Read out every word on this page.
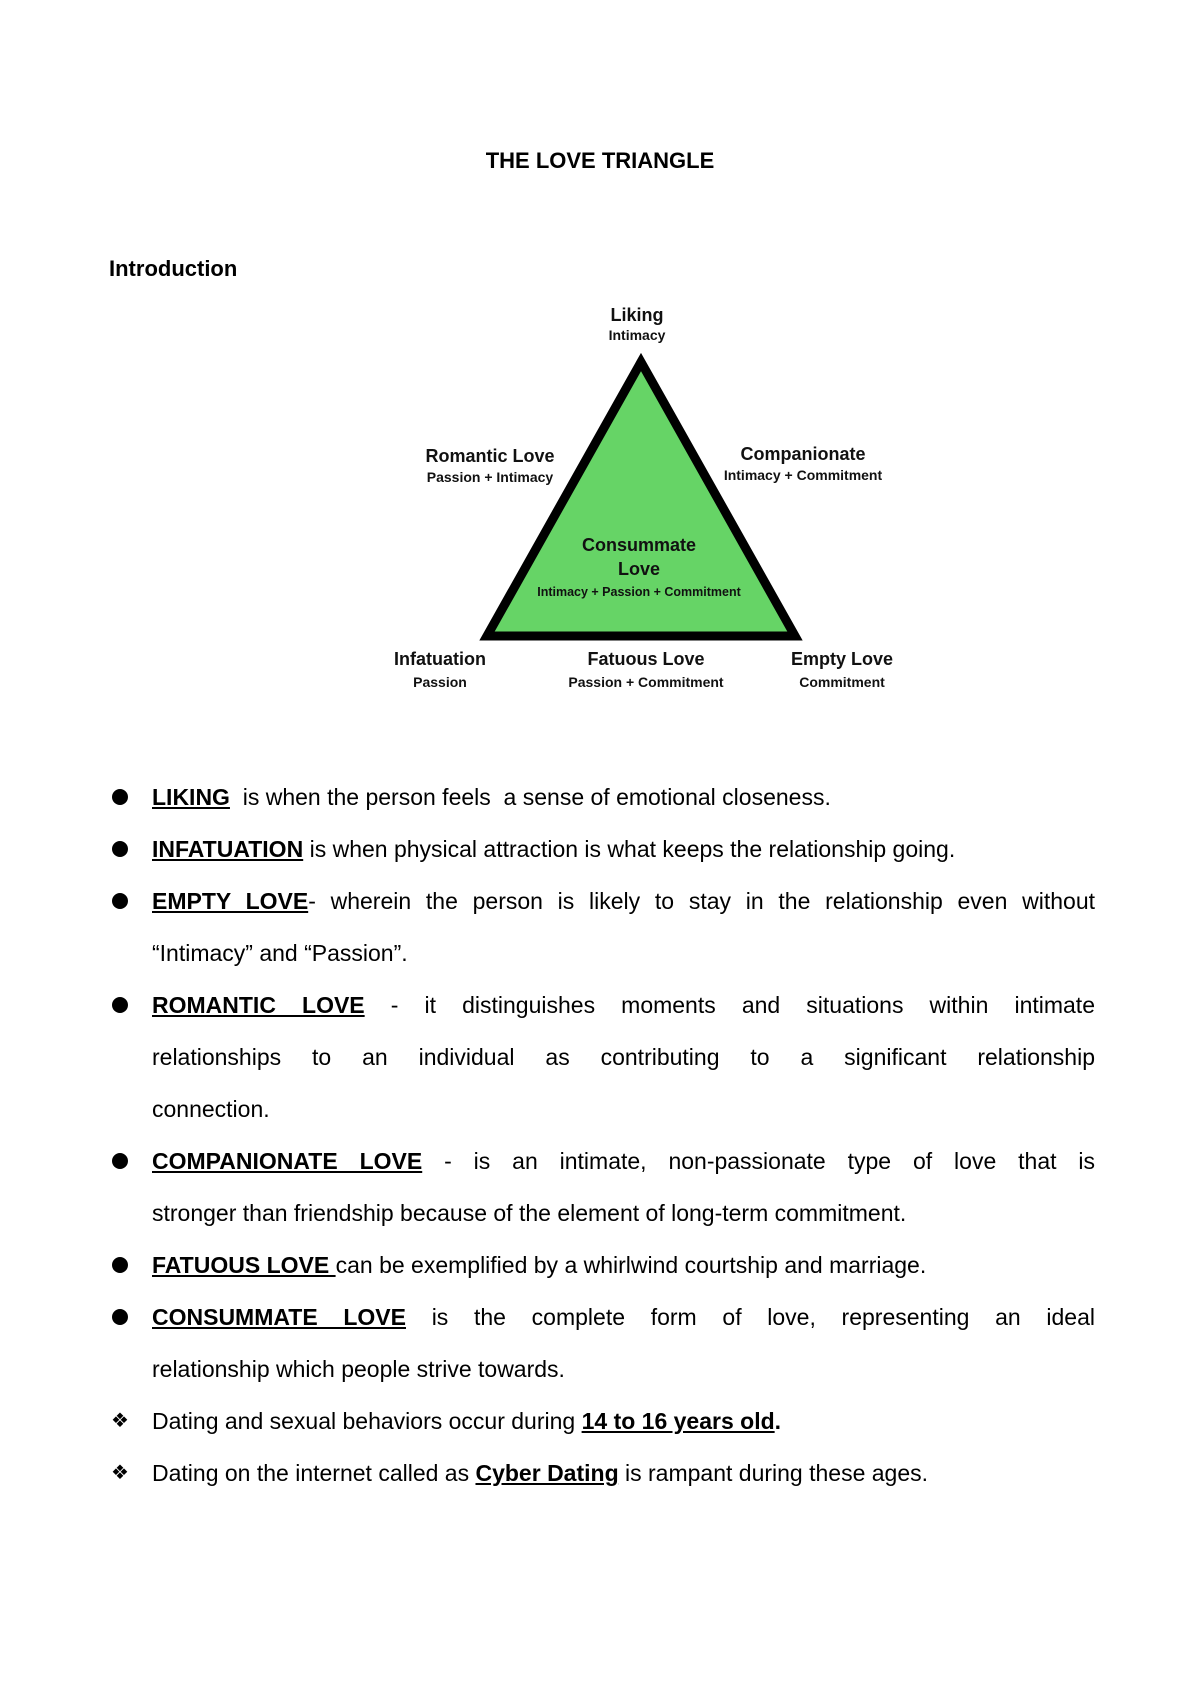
THE LOVE TRIANGLE
Introduction
Liking
Intimacy
Romantic Love
Passion + Intimacy
Companionate
Intimacy + Commitment
Consummate
Love
Intimacy + Passion + Commitment
Infatuation
Passion
Fatuous Love
Passion + Commitment
Empty Love
Commitment
LIKING  is when the person feels  a sense of emotional closeness.
INFATUATION is when physical attraction is what keeps the relationship going.
EMPTY LOVE- wherein the person is likely to stay in the relationship even without
“Intimacy” and “Passion”.
ROMANTIC LOVE - it distinguishes moments and situations within intimate
relationships to an individual as contributing to a significant relationship
connection.
COMPANIONATE LOVE - is an intimate, non-passionate type of love that is
stronger than friendship because of the element of long-term commitment.
FATUOUS LOVE can be exemplified by a whirlwind courtship and marriage.
CONSUMMATE LOVE is the complete form of love, representing an ideal
relationship which people strive towards.
❖ Dating and sexual behaviors occur during 14 to 16 years old.
❖ Dating on the internet called as Cyber Dating is rampant during these ages.
